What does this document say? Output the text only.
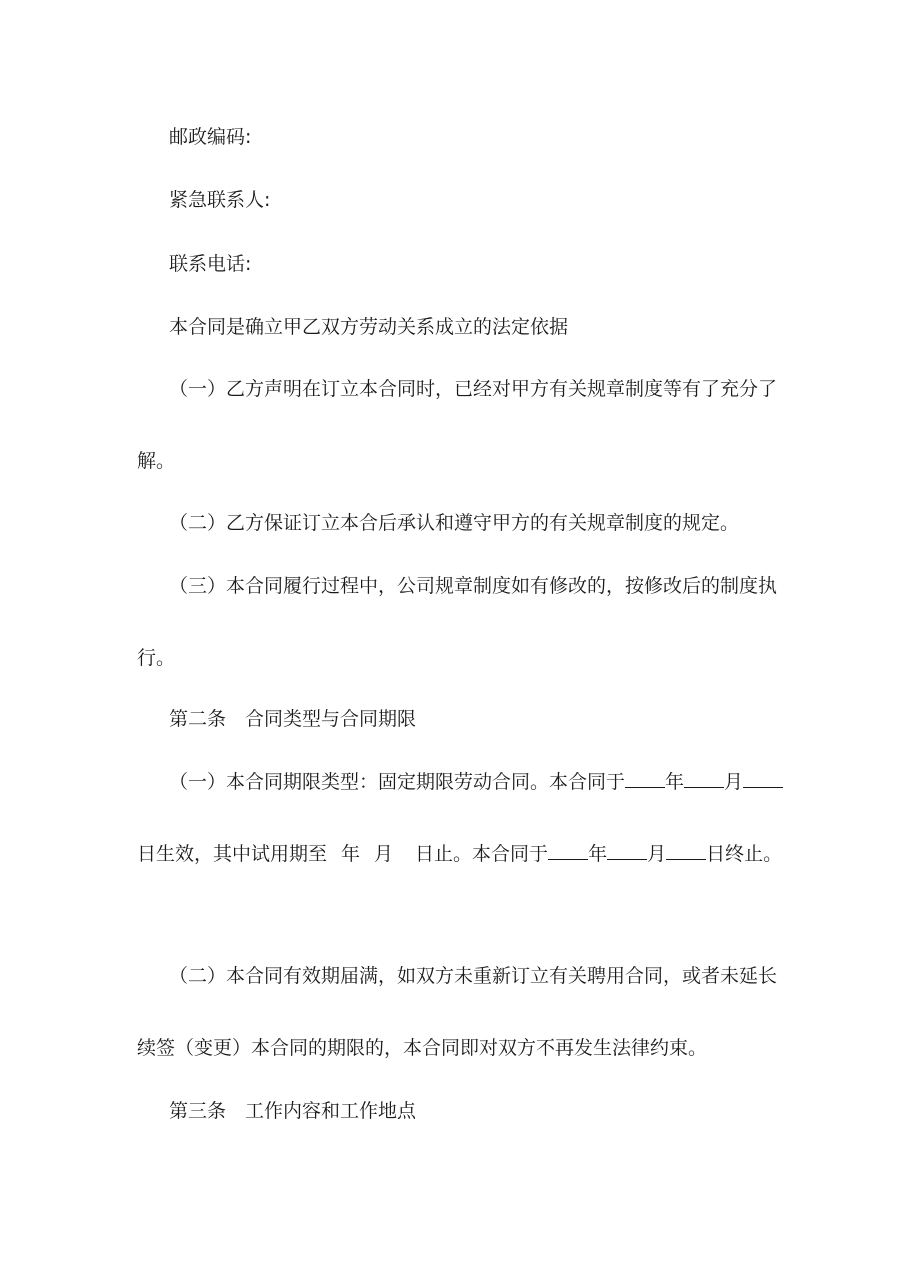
邮政编码:

紧急联系人:

联系电话:

本合同是确立甲乙双方劳动关系成立的法定依据

（一）乙方声明在订立本合同时，已经对甲方有关规章制度等有了充分了

解。

（二）乙方保证订立本合后承认和遵守甲方的有关规章制度的规定。

（三）本合同履行过程中，公司规章制度如有修改的，按修改后的制度执

行。

第二条　合同类型与合同期限

（一）本合同期限类型：固定期限劳动合同。本合同于 年 月

日生效，其中试用期至 年 月 日止。本合同于 年 月 日终止。

（二）本合同有效期届满，如双方未重新订立有关聘用合同，或者未延长

续签（变更）本合同的期限的，本合同即对双方不再发生法律约束。

第三条　工作内容和工作地点
